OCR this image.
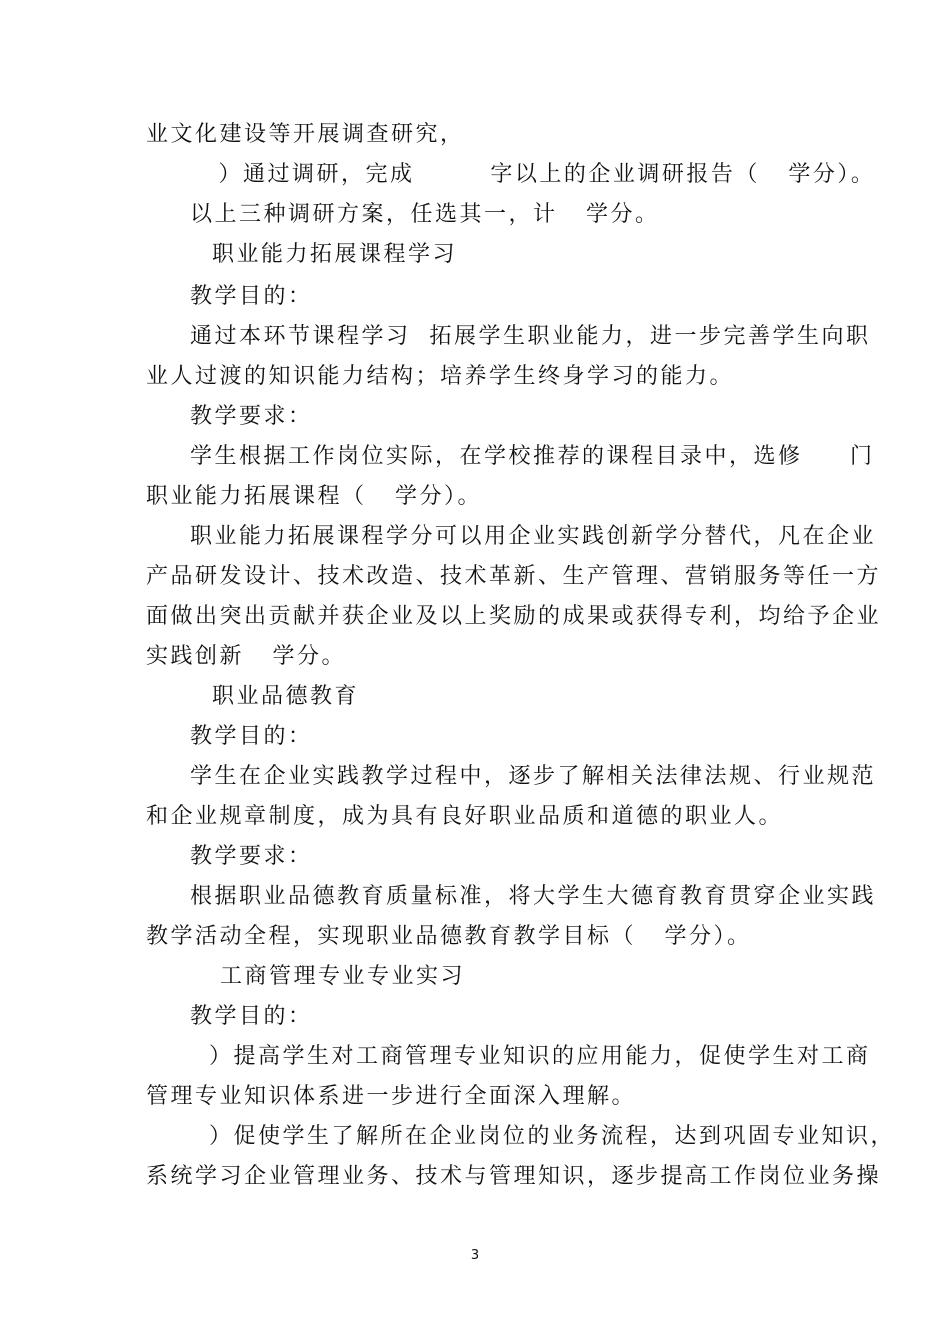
业文化建设等开展调查研究，
）通过调研，完成        字以上的企业调研报告（   学分）。
以上三种调研方案，任选其一，计   学分。
职业能力拓展课程学习
教学目的：
通过本环节课程学习  拓展学生职业能力，进一步完善学生向职
业人过渡的知识能力结构；培养学生终身学习的能力。
教学要求：
学生根据工作岗位实际，在学校推荐的课程目录中，选修     门
职业能力拓展课程（   学分）。
职业能力拓展课程学分可以用企业实践创新学分替代，凡在企业
产品研发设计、技术改造、技术革新、生产管理、营销服务等任一方
面做出突出贡献并获企业及以上奖励的成果或获得专利，均给予企业
实践创新   学分。
职业品德教育
教学目的：
学生在企业实践教学过程中，逐步了解相关法律法规、行业规范
和企业规章制度，成为具有良好职业品质和道德的职业人。
教学要求：
根据职业品德教育质量标准，将大学生大德育教育贯穿企业实践
教学活动全程，实现职业品德教育教学目标（   学分）。
工商管理专业专业实习
教学目的：
）提高学生对工商管理专业知识的应用能力，促使学生对工商
管理专业知识体系进一步进行全面深入理解。
）促使学生了解所在企业岗位的业务流程，达到巩固专业知识，
系统学习企业管理业务、技术与管理知识，逐步提高工作岗位业务操
3
